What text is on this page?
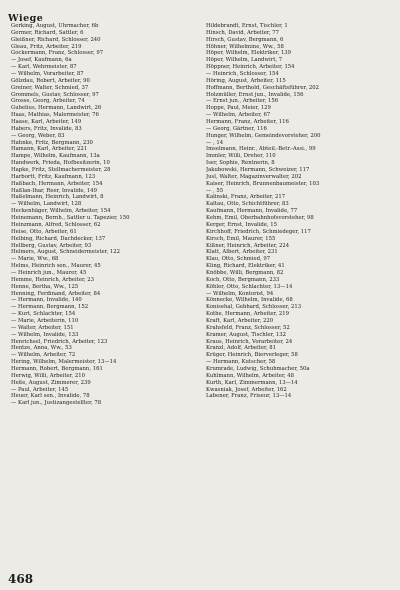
Wiege
Gerking, August, Uhrmacher, 6b
Germer, Richard, Sattler, 6
Gleißner, Richard, Schlosser, 240
Gleau, Fritz, Arbeiter, 219
Gockermann, Franz, Schlosser, 97
— Josef, Kaufmann, 6a
— Karl, Wehrmeister, 87
— Wilhelm, Vorarbeiter, 87
Gölzdau, Robert, Arbeiter, 90
Greiner, Walter, Schmied, 37
Grommels, Gustav, Schlosser, 97
Grosse, Georg, Arbeiter, 74
Gubelius, Hermann, Landwirt, 26
Haas, Mathias, Malermeister, 76
Haase, Karl, Arbeiter, 149
Habers, Fritz, Invalide, 83
— Georg, Weber, 83
Hahnke, Fritz, Bergmann, 230
Hamann, Karl, Arbeiter, 221
Hampe, Wilhelm, Kaufmann, 13a
Handwerk, Frieda, Hofbesitzerin, 10
Hapke, Fritz, Stellmachermeister, 28
Harbortt, Fritz, Kaufmann, 123
Haßbach, Hermann, Arbeiter, 154
Haßlan-Ihar, Reer, Invalide, 149
Haßelmann, Heinrich, Landwirt, 8
— Wilhelm, Landwirt, 128
Heckenhäger, Wilhelm, Arbeiter, 154
Heinemann, Bernh., Sattler u. Tapezier, 150
Heinzmann, Alfred, Schlosser, 62
Heise, Otto, Arbeiter, 61
Helbing, Richard, Dachdecker, 137
Hellberg, Gustav, Arbeiter, 93
Helmers, August, Schneidermeister, 122
— Marie, Ww., 68
Helms, Heinrich sen., Maurer, 45
— Heinrich jun., Maurer, 45
Hemme, Heinrich, Arbeiter, 23
Henne, Bertha, Ww., 125
Henning, Ferdinand, Arbeiter, 84
— Hermann, Invalide, 140
— Hermann, Bergmann, 152
— Kurt, Schlachter, 154
— Marie, Arbeiterin, 110
— Walter, Arbeiter, 151
— Wilhelm, Invalide, 133
Henrichsel, Friedrich, Arbeiter, 123
Hentze, Anna, Ww., 53
— Wilhelm, Arbeiter, 72
Hering, Wilhelm, Malermeister, 13—14
Hermann, Robert, Bergmann, 161
Herwig, Willi, Arbeiter, 210
Heße, August, Zimmerer, 239
— Paul, Arbeiter, 145
Heuer, Karl sen., Invalide, 78
— Karl jun., Justizangestellter, 78
Hildebrandt, Ernst, Tischler, 1
Hinsch, David, Arbeiter, 77
Hirsch, Gustav, Bergmann, 6
Höhner, Wilhelmine, Ww., 58
Höper, Wilhelm, Elektriker, 139
Höper, Wilhelm, Landwirt, 7
Höppner, Heinrich, Arbeiter, 154
— Heinrich, Schlosser, 154
Höring, August, Arbeiter, 115
Hoffmann, Berthold, Geschäftsführer, 202
Holzmüller, Ernst jun., Invalide, 156
— Ernst jun., Arbeiter, 156
Hoppe, Paul, Meier, 129
— Wilhelm, Arbeiter, 67
Hermann, Franz, Arbeiter, 116
— Georg, Gärtner, 116
Hunger, Wilhelm, Gemeindevorsteher, 200
— , 14
Imselmann, Heinr., Abteil.-Betr.-Assi., 99
Immler, Willi, Dreher, 110
Iser, Sophie, Rentnerin, 8
Jakubowski, Hermann, Schweizer, 117
Jusl, Walter, Magazinverwalter, 202
Kaiser, Heinrich, Brunnenbaumeister, 103
— , 55
Kalinski, Franz, Arbeiter, 217
Kaltau, Otto, Schichtführer, 83
Kaufmann, Hermann, Invalide, 77
Kehm, Emil, Oberbahnhofsvorsteher, 98
Kerger, Ernst, Invalide, 15
Kirchhoff, Friedrich, Schmiedeger, 117
Kirsch, Emil, Maurer, 155
Kißner, Heinrich, Arbeiter, 224
Klatt, Albert, Arbeiter, 231
Klau, Otto, Schmied, 97
Kling, Richard, Elektriker, 41
Knöbbe, Willi, Bergmann, 82
Koch, Otto, Bergmann, 233
Köhler, Otto, Schlachter, 13—14
— Wilhelm, Kontorist, 94
Könnecke, Wilhelm, Invalide, 68
Konisehal, Gebhard, Schlosser, 213
Kothe, Hermann, Arbeiter, 219
Kraft, Karl, Arbeiter, 220
Krahsfeld, Franz, Schlosser, 52
Kramer, August, Tischler, 132
Kraus, Heinrich, Vorarbeiter, 24
Kranzl, Adolf, Arbeiter, 81
Krüger, Heinrich, Bierverleger, 58
— Hermann, Kutscher, 58
Krumrade, Ludwig, Schuhmacher, 50a
Kuhlmann, Wilhelm, Arbeiter, 48
Kurth, Karl, Zimmermann, 13—14
Kwasniak, Josef, Arbeiter, 162
Labener, Franz, Friseur, 13—14
468
